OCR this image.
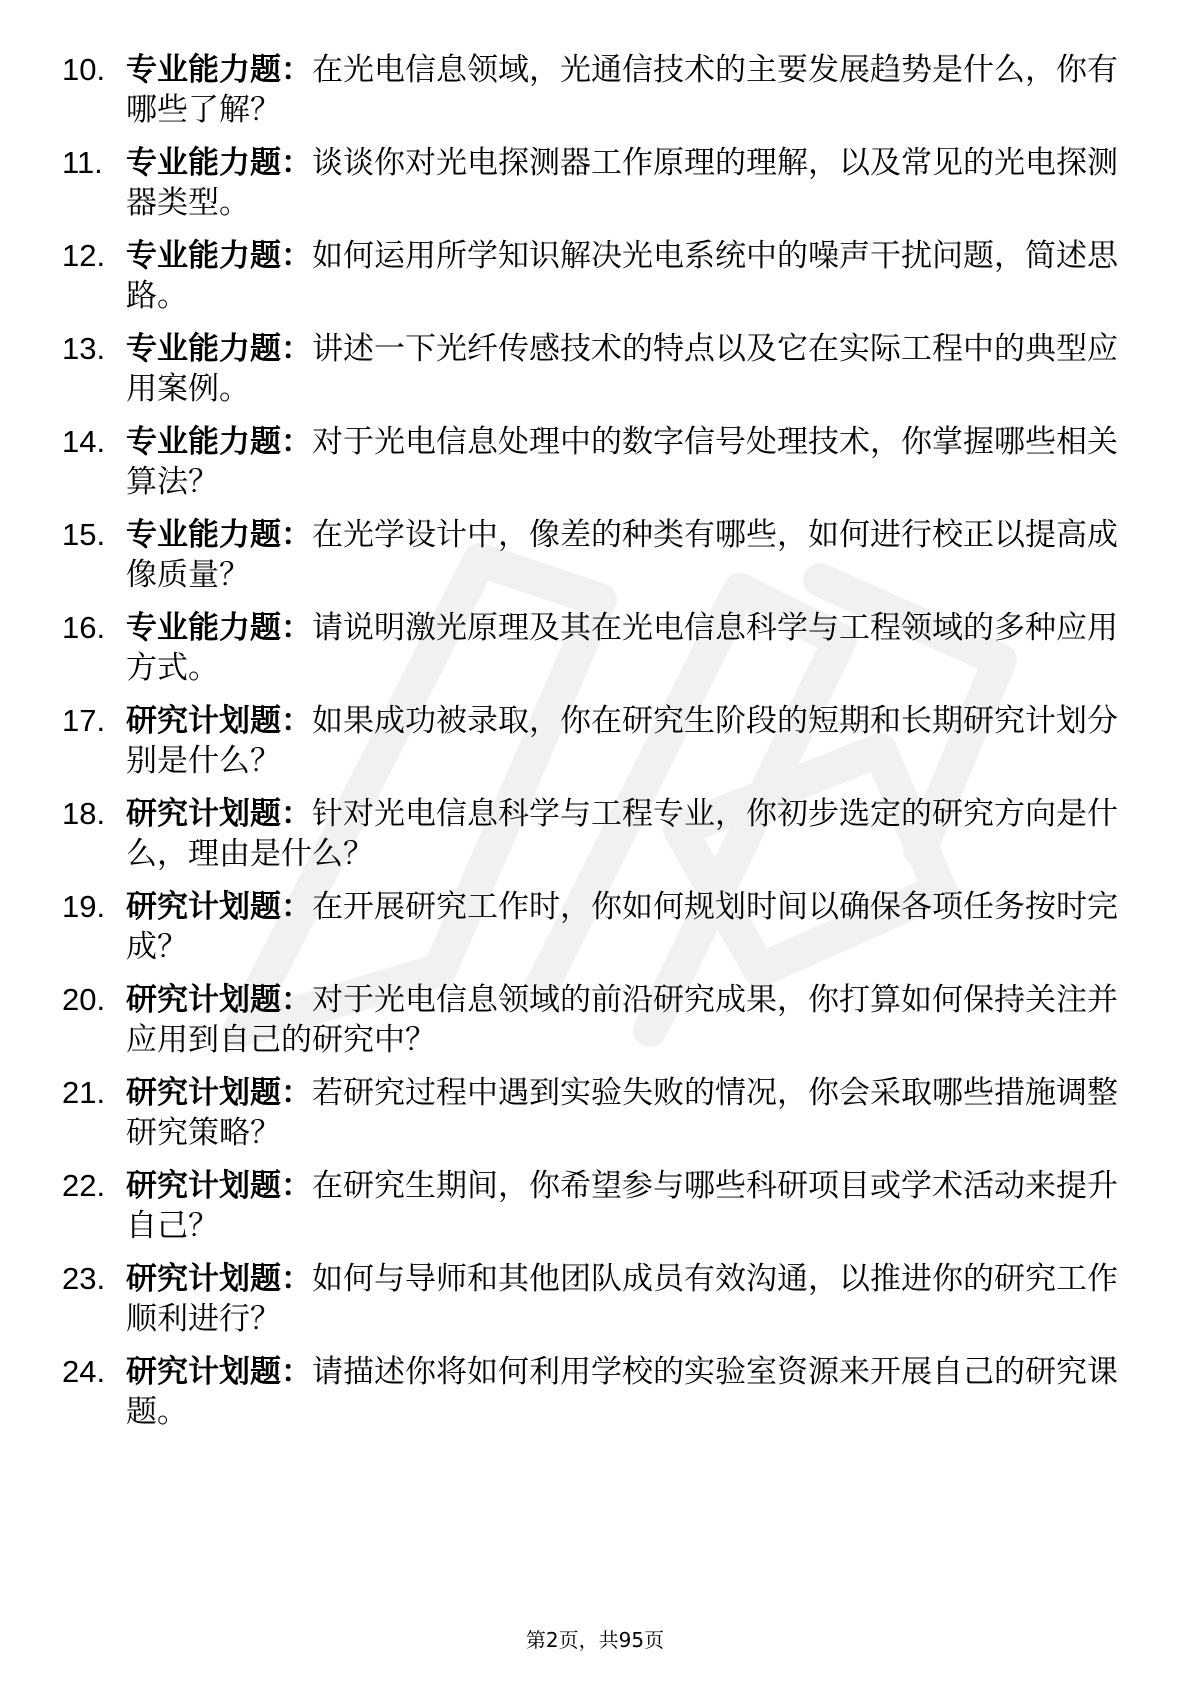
10. 专业能力题：在光电信息领域，光通信技术的主要发展趋势是什么，你有哪些了解？
11. 专业能力题：谈谈你对光电探测器工作原理的理解，以及常见的光电探测器类型。
12. 专业能力题：如何运用所学知识解决光电系统中的噪声干扰问题，简述思路。
13. 专业能力题：讲述一下光纤传感技术的特点以及它在实际工程中的典型应用案例。
14. 专业能力题：对于光电信息处理中的数字信号处理技术，你掌握哪些相关算法？
15. 专业能力题：在光学设计中，像差的种类有哪些，如何进行校正以提高成像质量？
16. 专业能力题：请说明激光原理及其在光电信息科学与工程领域的多种应用方式。
17. 研究计划题：如果成功被录取，你在研究生阶段的短期和长期研究计划分别是什么？
18. 研究计划题：针对光电信息科学与工程专业，你初步选定的研究方向是什么，理由是什么？
19. 研究计划题：在开展研究工作时，你如何规划时间以确保各项任务按时完成？
20. 研究计划题：对于光电信息领域的前沿研究成果，你打算如何保持关注并应用到自己的研究中？
21. 研究计划题：若研究过程中遇到实验失败的情况，你会采取哪些措施调整研究策略？
22. 研究计划题：在研究生期间，你希望参与哪些科研项目或学术活动来提升自己？
23. 研究计划题：如何与导师和其他团队成员有效沟通，以推进你的研究工作顺利进行？
24. 研究计划题：请描述你将如何利用学校的实验室资源来开展自己的研究课题。
第2页，共95页
